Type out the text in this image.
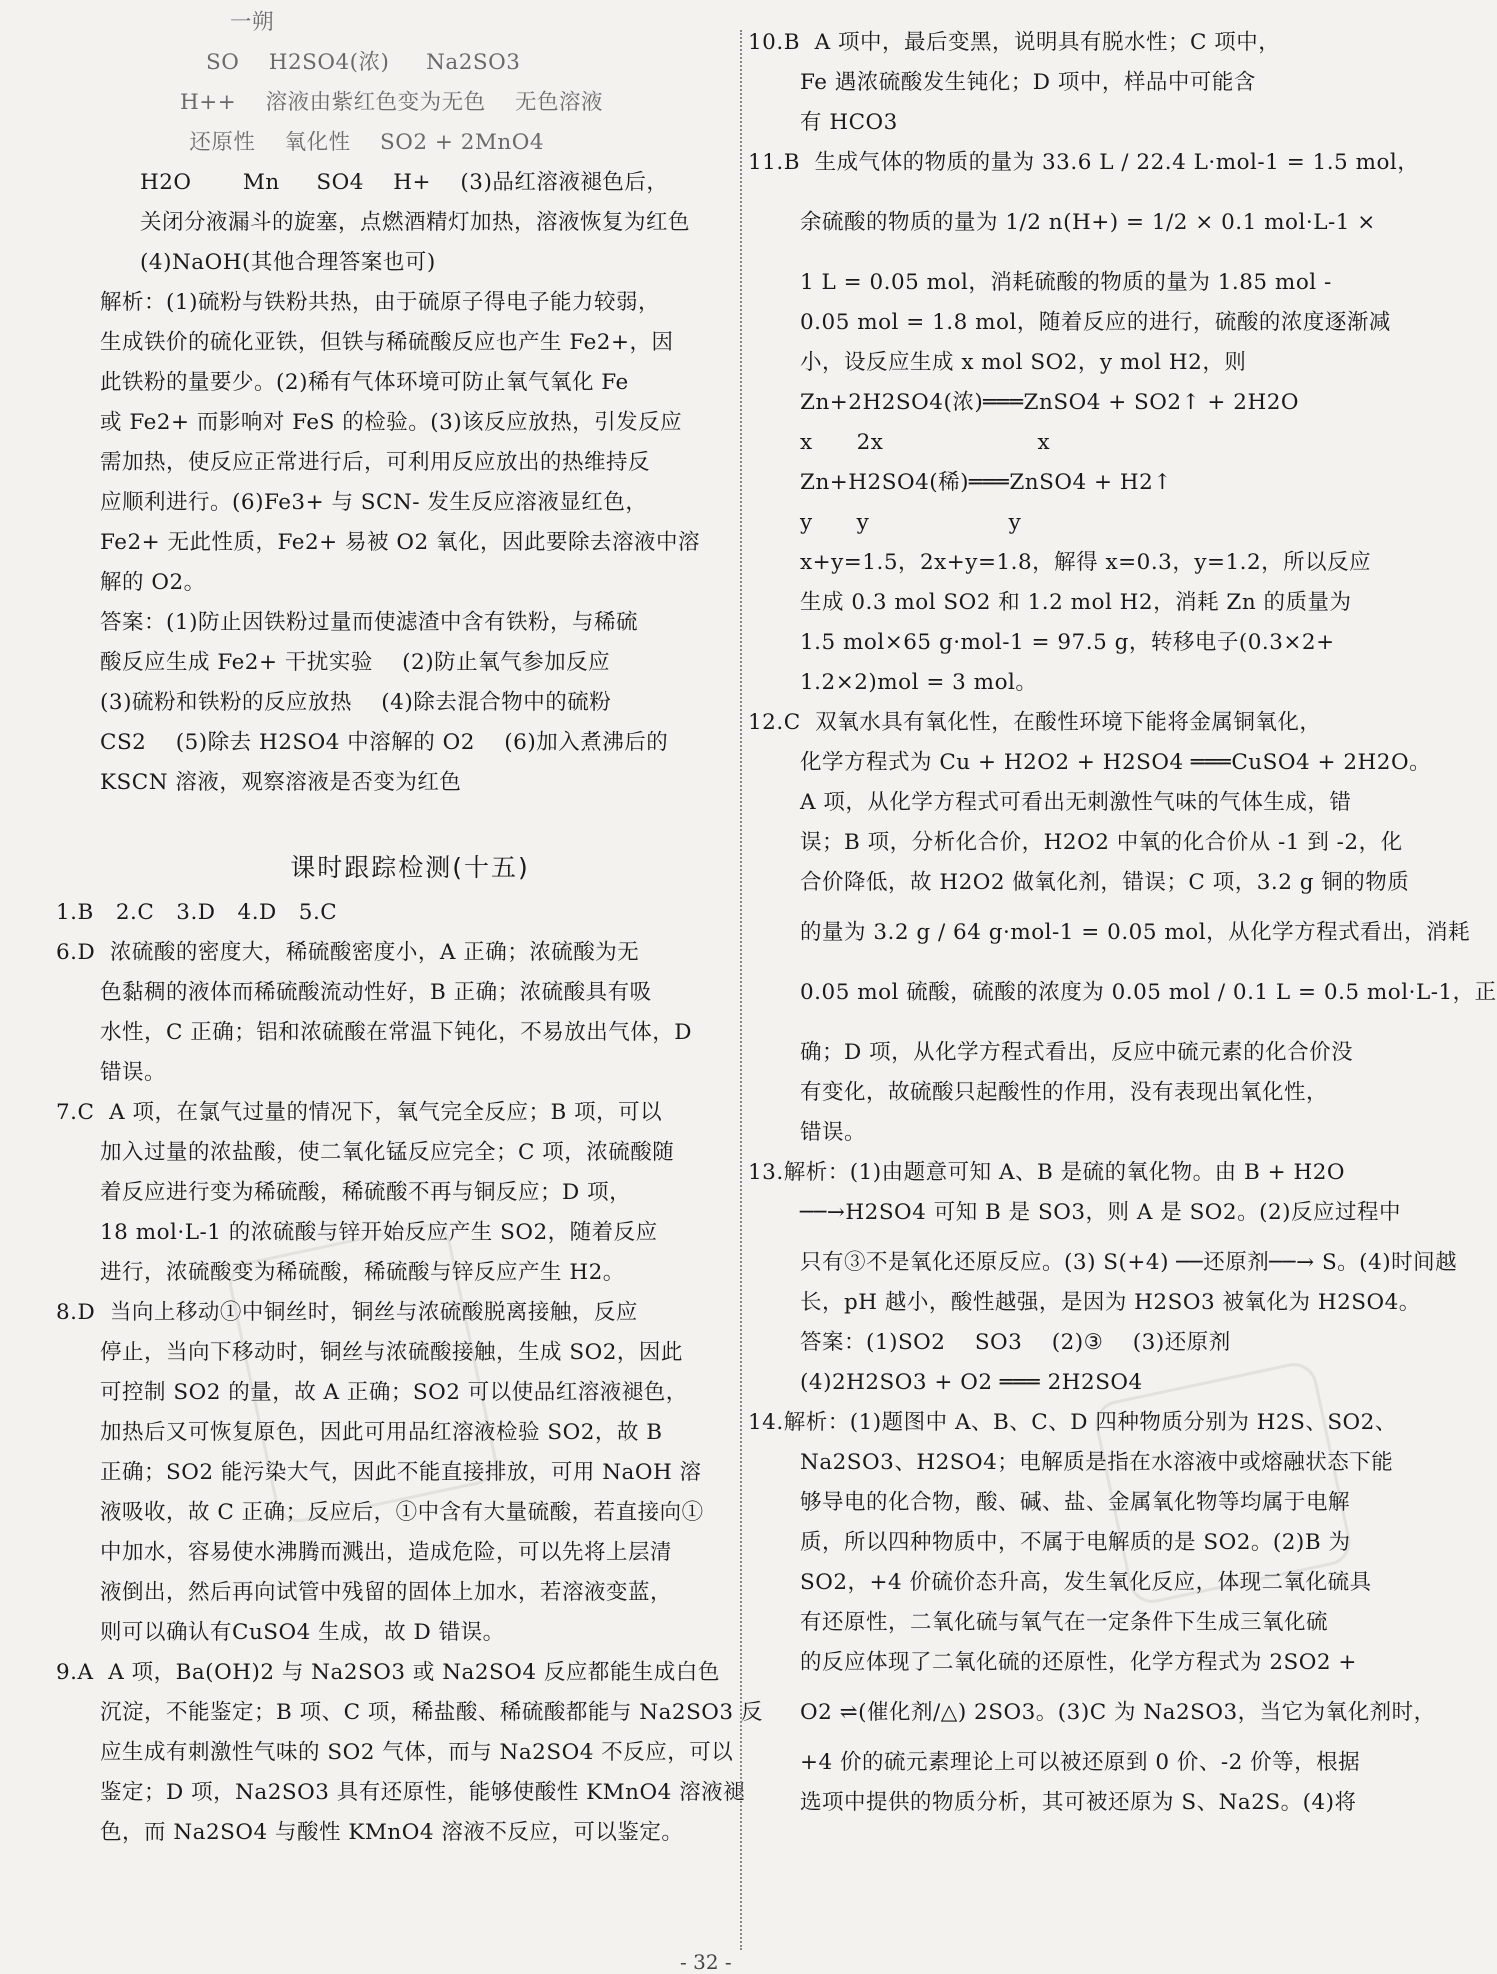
课时跟踪检测(十五)
一朔
SO    H2SO4(浓)     Na2SO3
H++    溶液由紫红色变为无色    无色溶液
还原性    氧化性    SO2 + 2MnO4
H2O       Mn     SO4    H+    (3)品红溶液褪色后，
关闭分液漏斗的旋塞，点燃酒精灯加热，溶液恢复为红色
(4)NaOH(其他合理答案也可)
解析：(1)硫粉与铁粉共热，由于硫原子得电子能力较弱，
生成铁价的硫化亚铁，但铁与稀硫酸反应也产生 Fe2+，因
此铁粉的量要少。(2)稀有气体环境可防止氧气氧化 Fe
或 Fe2+ 而影响对 FeS 的检验。(3)该反应放热，引发反应
需加热，使反应正常进行后，可利用反应放出的热维持反
应顺利进行。(6)Fe3+ 与 SCN- 发生反应溶液显红色，
Fe2+ 无此性质，Fe2+ 易被 O2 氧化，因此要除去溶液中溶
解的 O2。
答案：(1)防止因铁粉过量而使滤渣中含有铁粉，与稀硫
酸反应生成 Fe2+ 干扰实验    (2)防止氧气参加反应
(3)硫粉和铁粉的反应放热    (4)除去混合物中的硫粉
CS2    (5)除去 H2SO4 中溶解的 O2    (6)加入煮沸后的
KSCN 溶液，观察溶液是否变为红色
1.B   2.C   3.D   4.D   5.C
6.D  浓硫酸的密度大，稀硫酸密度小，A 正确；浓硫酸为无
色黏稠的液体而稀硫酸流动性好，B 正确；浓硫酸具有吸
水性，C 正确；铝和浓硫酸在常温下钝化，不易放出气体，D
错误。
7.C  A 项，在氯气过量的情况下，氧气完全反应；B 项，可以
加入过量的浓盐酸，使二氧化锰反应完全；C 项，浓硫酸随
着反应进行变为稀硫酸，稀硫酸不再与铜反应；D 项，
18 mol·L-1 的浓硫酸与锌开始反应产生 SO2，随着反应
进行，浓硫酸变为稀硫酸，稀硫酸与锌反应产生 H2。
8.D  当向上移动①中铜丝时，铜丝与浓硫酸脱离接触，反应
停止，当向下移动时，铜丝与浓硫酸接触，生成 SO2，因此
可控制 SO2 的量，故 A 正确；SO2 可以使品红溶液褪色，
加热后又可恢复原色，因此可用品红溶液检验 SO2，故 B
正确；SO2 能污染大气，因此不能直接排放，可用 NaOH 溶
液吸收，故 C 正确；反应后，①中含有大量硫酸，若直接向①
中加水，容易使水沸腾而溅出，造成危险，可以先将上层清
液倒出，然后再向试管中残留的固体上加水，若溶液变蓝，
则可以确认有CuSO4 生成，故 D 错误。
9.A  A 项，Ba(OH)2 与 Na2SO3 或 Na2SO4 反应都能生成白色
沉淀，不能鉴定；B 项、C 项，稀盐酸、稀硫酸都能与 Na2SO3 反
应生成有刺激性气味的 SO2 气体，而与 Na2SO4 不反应，可以
鉴定；D 项，Na2SO3 具有还原性，能够使酸性 KMnO4 溶液褪
色，而 Na2SO4 与酸性 KMnO4 溶液不反应，可以鉴定。
10.B  A 项中，最后变黑，说明具有脱水性；C 项中，
Fe 遇浓硫酸发生钝化；D 项中，样品中可能含
有 HCO3
11.B  生成气体的物质的量为 33.6 L / 22.4 L·mol-1 = 1.5 mol，
余硫酸的物质的量为 1/2 n(H+) = 1/2 × 0.1 mol·L-1 ×
1 L = 0.05 mol，消耗硫酸的物质的量为 1.85 mol -
0.05 mol = 1.8 mol，随着反应的进行，硫酸的浓度逐渐减
小，设反应生成 x mol SO2，y mol H2，则
Zn+2H2SO4(浓)═══ZnSO4 + SO2↑ + 2H2O
x      2x                     x
Zn+H2SO4(稀)═══ZnSO4 + H2↑
y      y                   y
x+y=1.5，2x+y=1.8，解得 x=0.3，y=1.2，所以反应
生成 0.3 mol SO2 和 1.2 mol H2，消耗 Zn 的质量为
1.5 mol×65 g·mol-1 = 97.5 g，转移电子(0.3×2+
1.2×2)mol = 3 mol。
12.C  双氧水具有氧化性，在酸性环境下能将金属铜氧化，
化学方程式为 Cu + H2O2 + H2SO4 ═══CuSO4 + 2H2O。
A 项，从化学方程式可看出无刺激性气味的气体生成，错
误；B 项，分析化合价，H2O2 中氧的化合价从 -1 到 -2，化
合价降低，故 H2O2 做氧化剂，错误；C 项，3.2 g 铜的物质
的量为 3.2 g / 64 g·mol-1 = 0.05 mol，从化学方程式看出，消耗
0.05 mol 硫酸，硫酸的浓度为 0.05 mol / 0.1 L = 0.5 mol·L-1，正
确；D 项，从化学方程式看出，反应中硫元素的化合价没
有变化，故硫酸只起酸性的作用，没有表现出氧化性，
错误。
13.解析：(1)由题意可知 A、B 是硫的氧化物。由 B + H2O
──→H2SO4 可知 B 是 SO3，则 A 是 SO2。(2)反应过程中
只有③不是氧化还原反应。(3) S(+4) ──还原剂──→ S。(4)时间越
长，pH 越小，酸性越强，是因为 H2SO3 被氧化为 H2SO4。
答案：(1)SO2    SO3    (2)③    (3)还原剂
(4)2H2SO3 + O2 ═══ 2H2SO4
14.解析：(1)题图中 A、B、C、D 四种物质分别为 H2S、SO2、
Na2SO3、H2SO4；电解质是指在水溶液中或熔融状态下能
够导电的化合物，酸、碱、盐、金属氧化物等均属于电解
质，所以四种物质中，不属于电解质的是 SO2。(2)B 为
SO2，+4 价硫价态升高，发生氧化反应，体现二氧化硫具
有还原性，二氧化硫与氧气在一定条件下生成三氧化硫
的反应体现了二氧化硫的还原性，化学方程式为 2SO2 +
O2 ⇌(催化剂/△) 2SO3。(3)C 为 Na2SO3，当它为氧化剂时，
+4 价的硫元素理论上可以被还原到 0 价、-2 价等，根据
选项中提供的物质分析，其可被还原为 S、Na2S。(4)将
- 32 -
